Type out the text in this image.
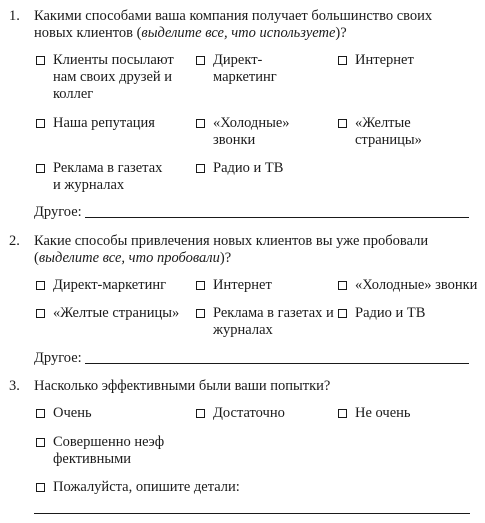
1. Какими способами ваша компания получает большинство своих новых клиентов (выделите все, что используете)?
Клиенты посылают нам своих друзей и коллег
Директ-маркетинг
Интернет
Наша репутация	«Холодные» звонки
«Желтые страницы»
Реклама в газетах и журналах
Радио и ТВ
Другое:
2. Какие способы привлечения новых клиентов вы уже пробовали (выделите все, что пробовали)?
Директ-маркетинг	Интернет	«Холодные» звонки
«Желтые страницы» Реклама в газетах и журналах
Радио и ТВ
Другое:
3. Насколько эффективными были ваши попытки?
Очень	Достаточно	Не очень
Совершенно неэффективными
Пожалуйста, опишите детали:
